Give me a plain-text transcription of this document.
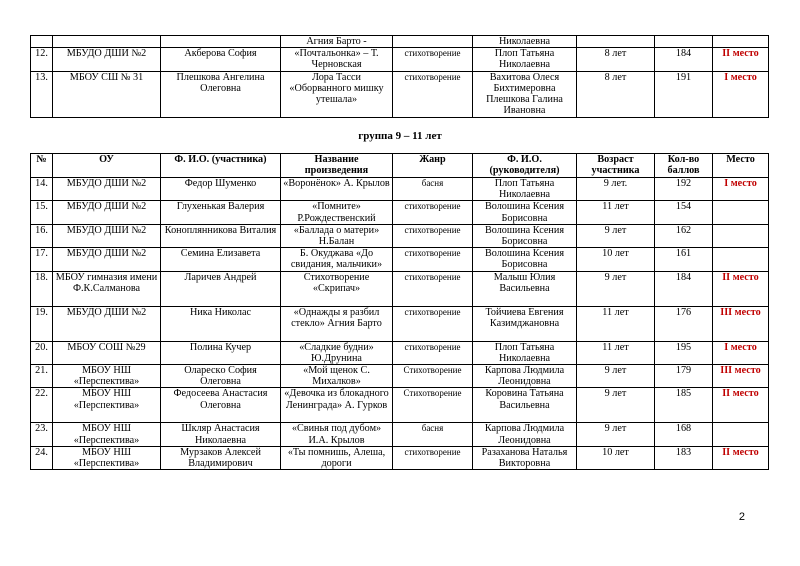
			Агния Барто -		Николаевна			
12.	МБУДО ДШИ №2	Акберова София	«Почтальонка» – Т. Черновская	стихотворение	Плоп Татьяна Николаевна	8 лет	184	II место
13.	МБОУ СШ № 31	Плешкова Ангелина Олеговна	Лора Тасси «Оборванного мишку утешала»	стихотворение	Вахитова Олеся Бихтимеровна Плешкова Галина Ивановна	8 лет	191	I место
группа 9 – 11 лет
№	ОУ	Ф. И.О. (участника)	Название произведения	Жанр	Ф. И.О. (руководителя)	Возраст участника	Кол-во баллов	Место
14.	МБУДО ДШИ №2	Федор Шуменко	«Воронёнок» А. Крылов	басня	Плоп Татьяна Николаевна	9 лет.	192	I место
15.	МБУДО ДШИ №2	Глухенькая Валерия	«Помните» Р.Рождественский	стихотворение	Волошина Ксения Борисовна	11 лет	154	
16.	МБУДО ДШИ №2	Коноплянникова Виталия	«Баллада о матери» Н.Балан	стихотворение	Волошина Ксения Борисовна	9 лет	162	
17.	МБУДО ДШИ №2	Семина Елизавета	Б. Окуджава «До свидания, мальчики»	стихотворение	Волошина Ксения Борисовна	10 лет	161	
18.	МБОУ гимназия имени Ф.К.Салманова	Ларичев Андрей	Стихотворение «Скрипач»	стихотворение	Малыш Юлия Васильевна	9 лет	184	II место
19.	МБУДО ДШИ №2	Ника Николас	«Однажды я разбил стекло» Агния Барто	стихотворение	Тойчиева Евгения Казимджановна	11 лет	176	III место
20.	МБОУ СОШ №29	Полина Кучер	«Сладкие будни» Ю.Друнина	стихотворение	Плоп Татьяна Николаевна	11 лет	195	I место
21.	МБОУ НШ «Перспектива»	Оларескo София Олеговна	«Мой щенок С. Михалков»	Стихотворение	Карпова Людмила Леонидовна	9 лет	179	III место
22.	МБОУ НШ «Перспектива»	Федосеева Анастасия Олеговна	«Девочка из блокадного Ленинграда» А. Гурков	Стихотворение	Коровина Татьяна Васильевна	9 лет	185	II место
23.	МБОУ НШ «Перспектива»	Шкляр Анастасия Николаевна	«Свинья под дубом» И.А. Крылов	басня	Карпова Людмила Леонидовна	9 лет	168	
24.	МБОУ НШ «Перспектива»	Мурзаков Алексей Владимирович	«Ты помнишь, Алеша, дороги	стихотворение	Разаханова Наталья Викторовна	10 лет	183	II место
2
